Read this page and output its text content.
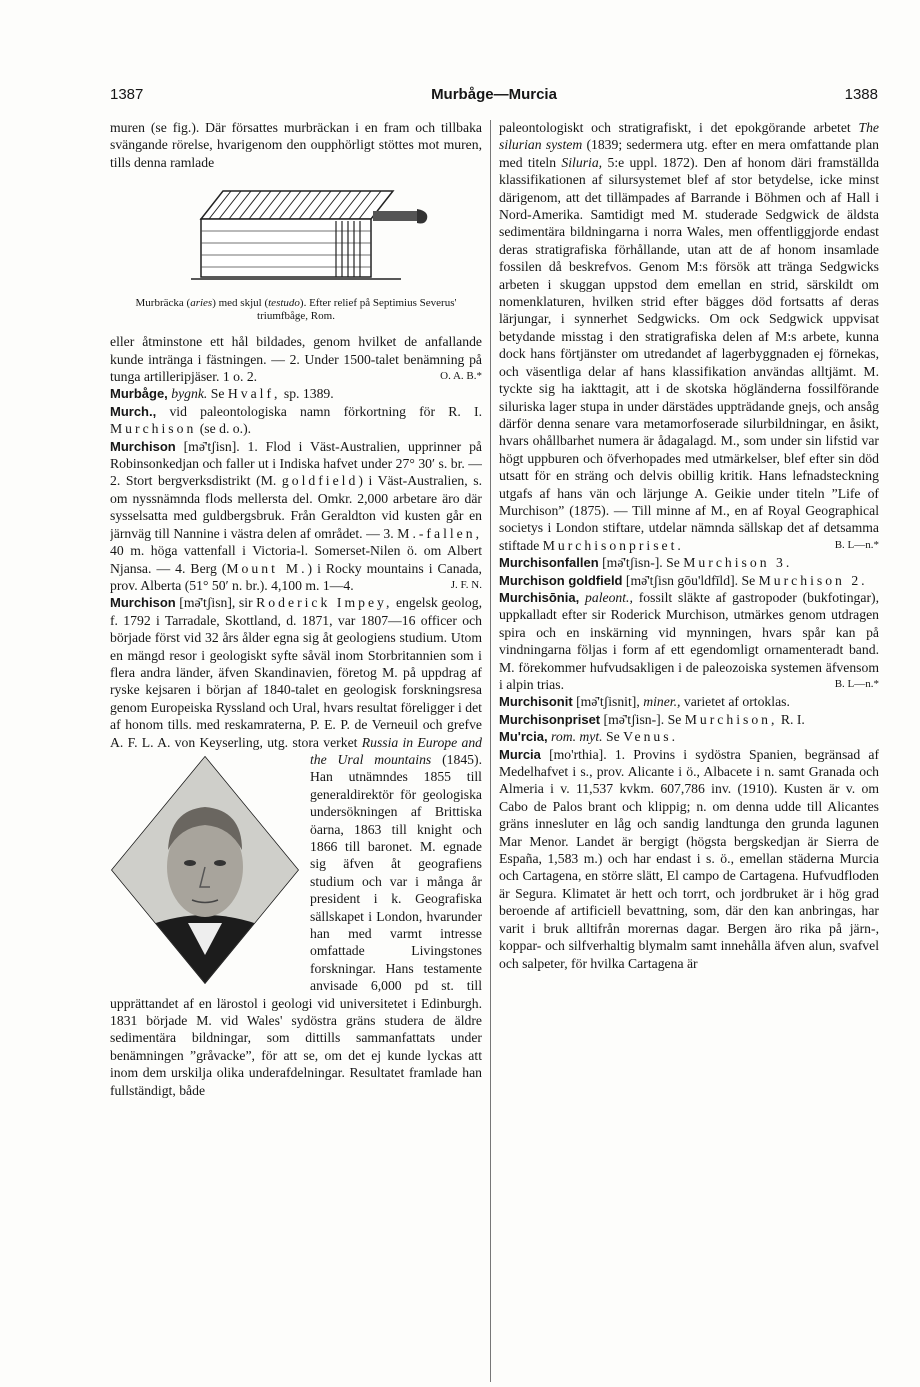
1387	Murbåge—Murcia	1388

muren (se fig.). Där försattes murbräckan i en fram och tillbaka svängande rörelse, hvarigenom den oupphörligt stöttes mot muren, tills denna ramlade

Murbräcka (aries) med skjul (testudo). Efter relief på Septimius Severus' triumfbåge, Rom.

eller åtminstone ett hål bildades, genom hvilket de anfallande kunde intränga i fästningen. — 2. Under 1500-talet benämning på tunga artilleripjäser. 1 o. 2.	O. A. B.*

Murbåge, bygnk. Se Hvalf, sp. 1389.

Murch., vid paleontologiska namn förkortning för R. I. Murchison (se d. o.).

Murchison [mə̄'tʃisn]. 1. Flod i Väst-Australien, upprinner på Robinsonkedjan och faller ut i Indiska hafvet under 27° 30′ s. br. — 2. Stort bergverksdistrikt (M. goldfield) i Väst-Australien, s. om nyssnämnda flods mellersta del. Omkr. 2,000 arbetare äro där sysselsatta med guldbergsbruk. Från Geraldton vid kusten går en järnväg till Nannine i västra delen af området. — 3. M.-fallen, 40 m. höga vattenfall i Victoria-l. Somerset-Nilen ö. om Albert Njansa. — 4. Berg (Mount M.) i Rocky mountains i Canada, prov. Alberta (51° 50′ n. br.). 4,100 m. 1—4.	J. F. N.

Murchison [mə̄'tʃisn], sir Roderick Impey, engelsk geolog, f. 1792 i Tarradale, Skottland, d. 1871, var 1807—16 officer och började först vid 32 års ålder egna sig åt geologiens studium. Utom en mängd resor i geologiskt syfte såväl inom Storbritannien som i flera andra länder, äfven Skandinavien, företog M. på uppdrag af ryske kejsaren i början af 1840-talet en geologisk forskningsresa genom Europeiska Ryssland och Ural, hvars resultat föreligger i det af honom tills. med reskamraterna, P. E. P. de Verneuil och grefve A. F. L. A. von Keyserling, utg. stora verket Russia in Europe and the Ural mountains (1845). Han utnämndes 1855 till generaldirektör för geologiska undersökningen af Brittiska öarna, 1863 till knight och 1866 till baronet. M. egnade sig äfven åt geografiens studium och var i många år president i k. Geografiska sällskapet i London, hvarunder han med varmt intresse omfattade Livingstones forskningar. Hans testamente anvisade 6,000 pd st. till upprättandet af en lärostol i geologi vid universitetet i Edinburgh. 1831 började M. vid Wales' sydöstra gräns studera de äldre sedimentära bildningar, som dittills sammanfattats under benämningen ”gråvacke”, för att se, om det ej kunde lyckas att inom dem urskilja olika underafdelningar. Resultatet framlade han fullständigt, både

paleontologiskt och stratigrafiskt, i det epokgörande arbetet The silurian system (1839; sedermera utg. efter en mera omfattande plan med titeln Siluria, 5:e uppl. 1872). Den af honom däri framställda klassifikationen af silursystemet blef af stor betydelse, icke minst därigenom, att det tillämpades af Barrande i Böhmen och af Hall i Nord-Amerika. Samtidigt med M. studerade Sedgwick de äldsta sedimentära bildningarna i norra Wales, men offentliggjorde endast deras stratigrafiska förhållande, utan att de af honom insamlade fossilen då beskrefvos. Genom M:s försök att tränga Sedgwicks arbeten i skuggan uppstod dem emellan en strid, särskildt om nomenklaturen, hvilken strid efter bägges död fortsatts af deras lärjungar, i synnerhet Sedgwicks. Om ock Sedgwick uppvisat betydande misstag i den stratigrafiska delen af M:s arbete, kunna dock hans förtjänster om utredandet af lagerbyggnaden ej förnekas, och väsentliga delar af hans klassifikation användas alltjämt. M. tyckte sig ha iakttagit, att i de skotska högländerna fossilförande siluriska lager stupa in under därstädes uppträdande gnejs, och ansåg därför denna senare vara metamorfoserade silurbildningar, en åsikt, hvars ohållbarhet numera är ådagalagd. M., som under sin lifstid var högt uppburen och öfverhopades med utmärkelser, blef efter sin död utsatt för en sträng och delvis obillig kritik. Hans lefnadsteckning utgafs af hans vän och lärjunge A. Geikie under titeln ”Life of Murchison” (1875). — Till minne af M., en af Royal Geographical societys i London stiftare, utdelar nämnda sällskap det af detsamma stiftade Murchisonpriset.	B. L—n.*

Murchisonfallen [mə̄'tʃisn-]. Se Murchison 3.

Murchison goldfield [mə̄'tʃisn gōu'ldfīld]. Se Murchison 2.

Murchisōnia, paleont., fossilt släkte af gastropoder (bukfotingar), uppkalladt efter sir Roderick Murchison, utmärkes genom utdragen spira och en inskärning vid mynningen, hvars spår kan på vindningarna följas i form af ett egendomligt ornamenteradt band. M. förekommer hufvudsakligen i de paleozoiska systemen äfvensom i alpin trias.	B. L—n.*

Murchisonit [mə̄'tʃisnit], miner., varietet af ortoklas.

Murchisonpriset [mə̄'tʃisn-]. Se Murchison, R. I.

Mu'rcia, rom. myt. Se Venus.

Murcia [mo'rthia]. 1. Provins i sydöstra Spanien, begränsad af Medelhafvet i s., prov. Alicante i ö., Albacete i n. samt Granada och Almeria i v. 11,537 kvkm. 607,786 inv. (1910). Kusten är v. om Cabo de Palos brant och klippig; n. om denna udde till Alicantes gräns innesluter en låg och sandig landtunga den grunda lagunen Mar Menor. Landet är bergigt (högsta bergskedjan är Sierra de España, 1,583 m.) och har endast i s. ö., emellan städerna Murcia och Cartagena, en större slätt, El campo de Cartagena. Hufvudfloden är Segura. Klimatet är hett och torrt, och jordbruket är i hög grad beroende af artificiell bevattning, som, där den kan anbringas, har varit i bruk alltifrån morernas dagar. Bergen äro rika på järn-, koppar- och silfverhaltig blymalm samt innehålla äfven alun, svafvel och salpeter, för hvilka Cartagena är
